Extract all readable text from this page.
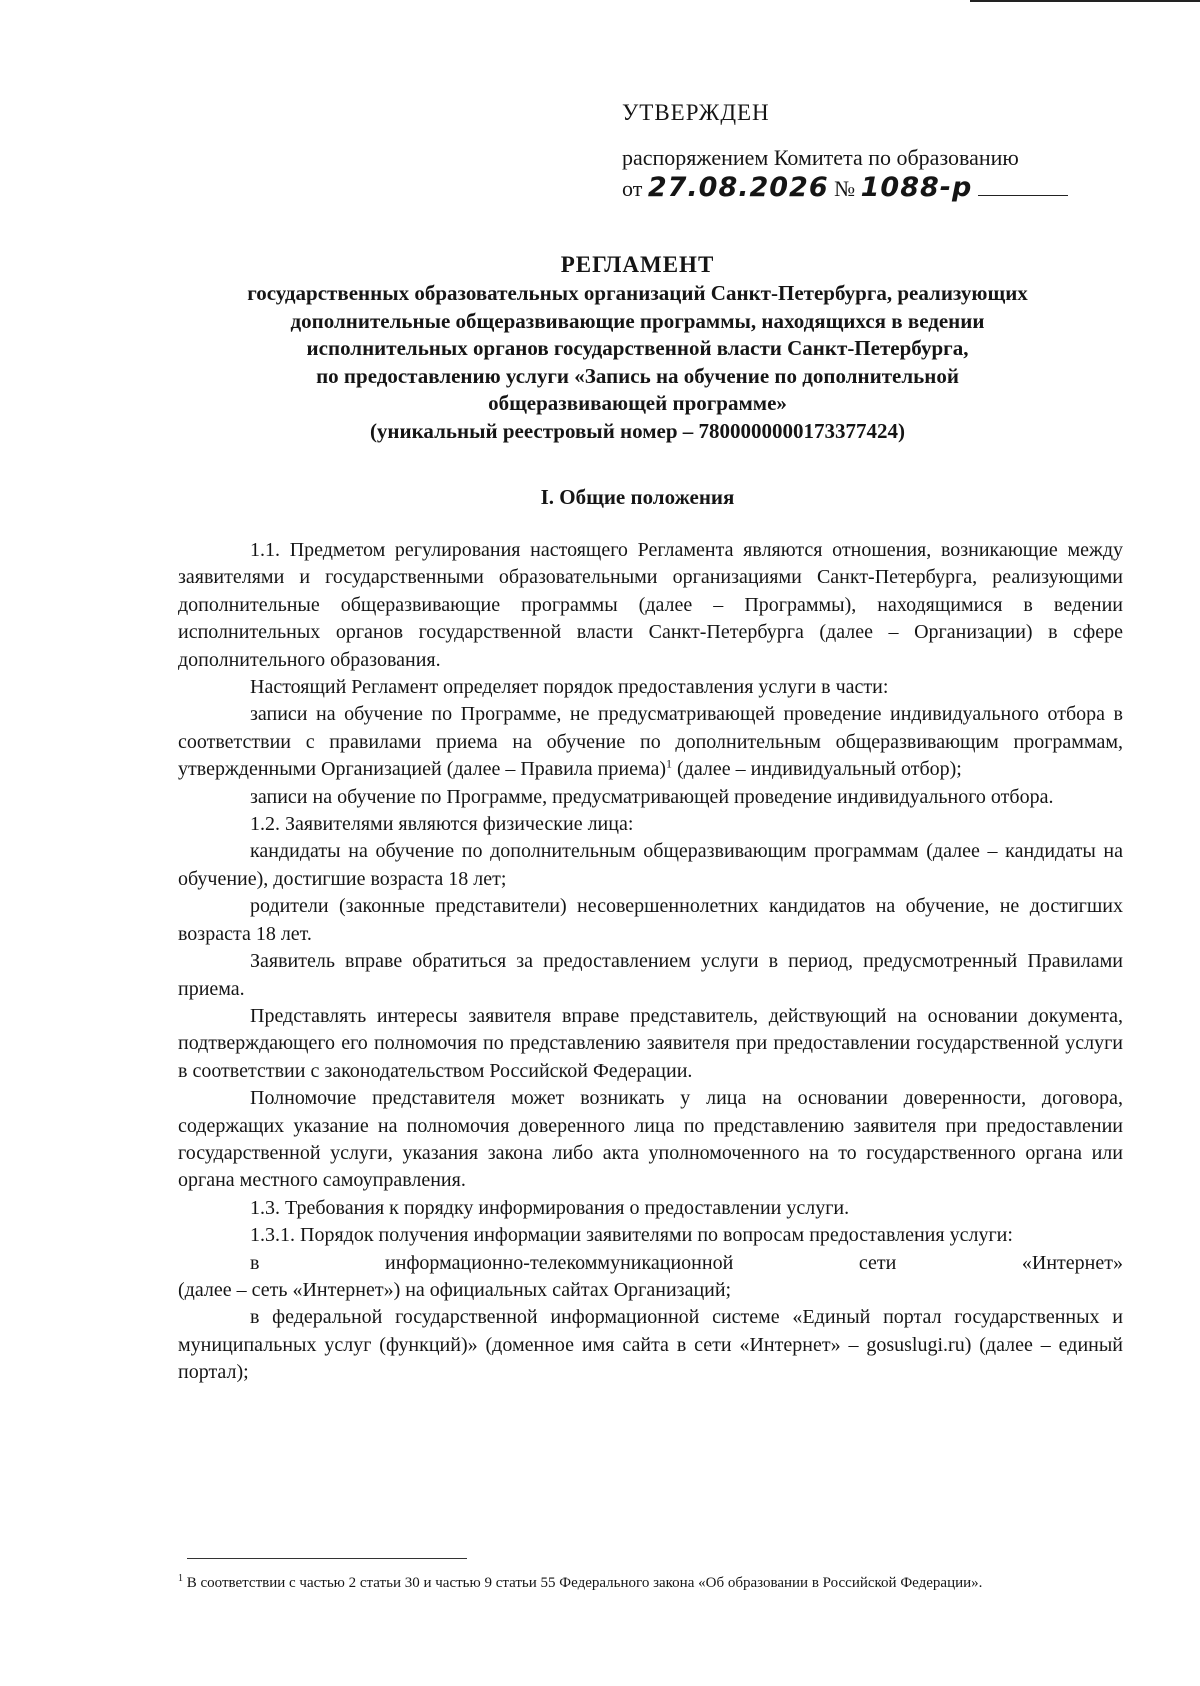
УТВЕРЖДЕН
распоряжением Комитета по образованию
от 27.08.2026 № 1088-р
РЕГЛАМЕНТ
государственных образовательных организаций Санкт-Петербурга, реализующих
дополнительные общеразвивающие программы, находящихся в ведении
исполнительных органов государственной власти Санкт-Петербурга,
по предоставлению услуги «Запись на обучение по дополнительной
общеразвивающей программе»
(уникальный реестровый номер – 7800000000173377424)
I. Общие положения

1.1. Предметом регулирования настоящего Регламента являются отношения, возникающие между заявителями и государственными образовательными организациями Санкт-Петербурга, реализующими дополнительные общеразвивающие программы (далее – Программы), находящимися в ведении исполнительных органов государственной власти Санкт-Петербурга (далее – Организации) в сфере дополнительного образования.

Настоящий Регламент определяет порядок предоставления услуги в части:

записи на обучение по Программе, не предусматривающей проведение индивидуального отбора в соответствии с правилами приема на обучение по дополнительным общеразвивающим программам, утвержденными Организацией (далее – Правила приема)$^1$ (далее – индивидуальный отбор);

записи на обучение по Программе, предусматривающей проведение индивидуального отбора.

1.2. Заявителями являются физические лица:

кандидаты на обучение по дополнительным общеразвивающим программам (далее – кандидаты на обучение), достигшие возраста 18 лет;

родители (законные представители) несовершеннолетних кандидатов на обучение, не достигших возраста 18 лет.

Заявитель вправе обратиться за предоставлением услуги в период, предусмотренный Правилами приема.

Представлять интересы заявителя вправе представитель, действующий на основании документа, подтверждающего его полномочия по представлению заявителя при предоставлении государственной услуги в соответствии с законодательством Российской Федерации.

Полномочие представителя может возникать у лица на основании доверенности, договора, содержащих указание на полномочия доверенного лица по представлению заявителя при предоставлении государственной услуги, указания закона либо акта уполномоченного на то государственного органа или органа местного самоуправления.

1.3. Требования к порядку информирования о предоставлении услуги.

1.3.1. Порядок получения информации заявителями по вопросам предоставления услуги:

в информационно-телекоммуникационной сети «Интернет»

(далее – сеть «Интернет») на официальных сайтах Организаций;

в федеральной государственной информационной системе «Единый портал государственных и муниципальных услуг (функций)» (доменное имя сайта в сети «Интернет» – gosuslugi.ru) (далее – единый портал);

$^1$ В соответствии с частью 2 статьи 30 и частью 9 статьи 55 Федерального закона «Об образовании в Российской Федерации».
